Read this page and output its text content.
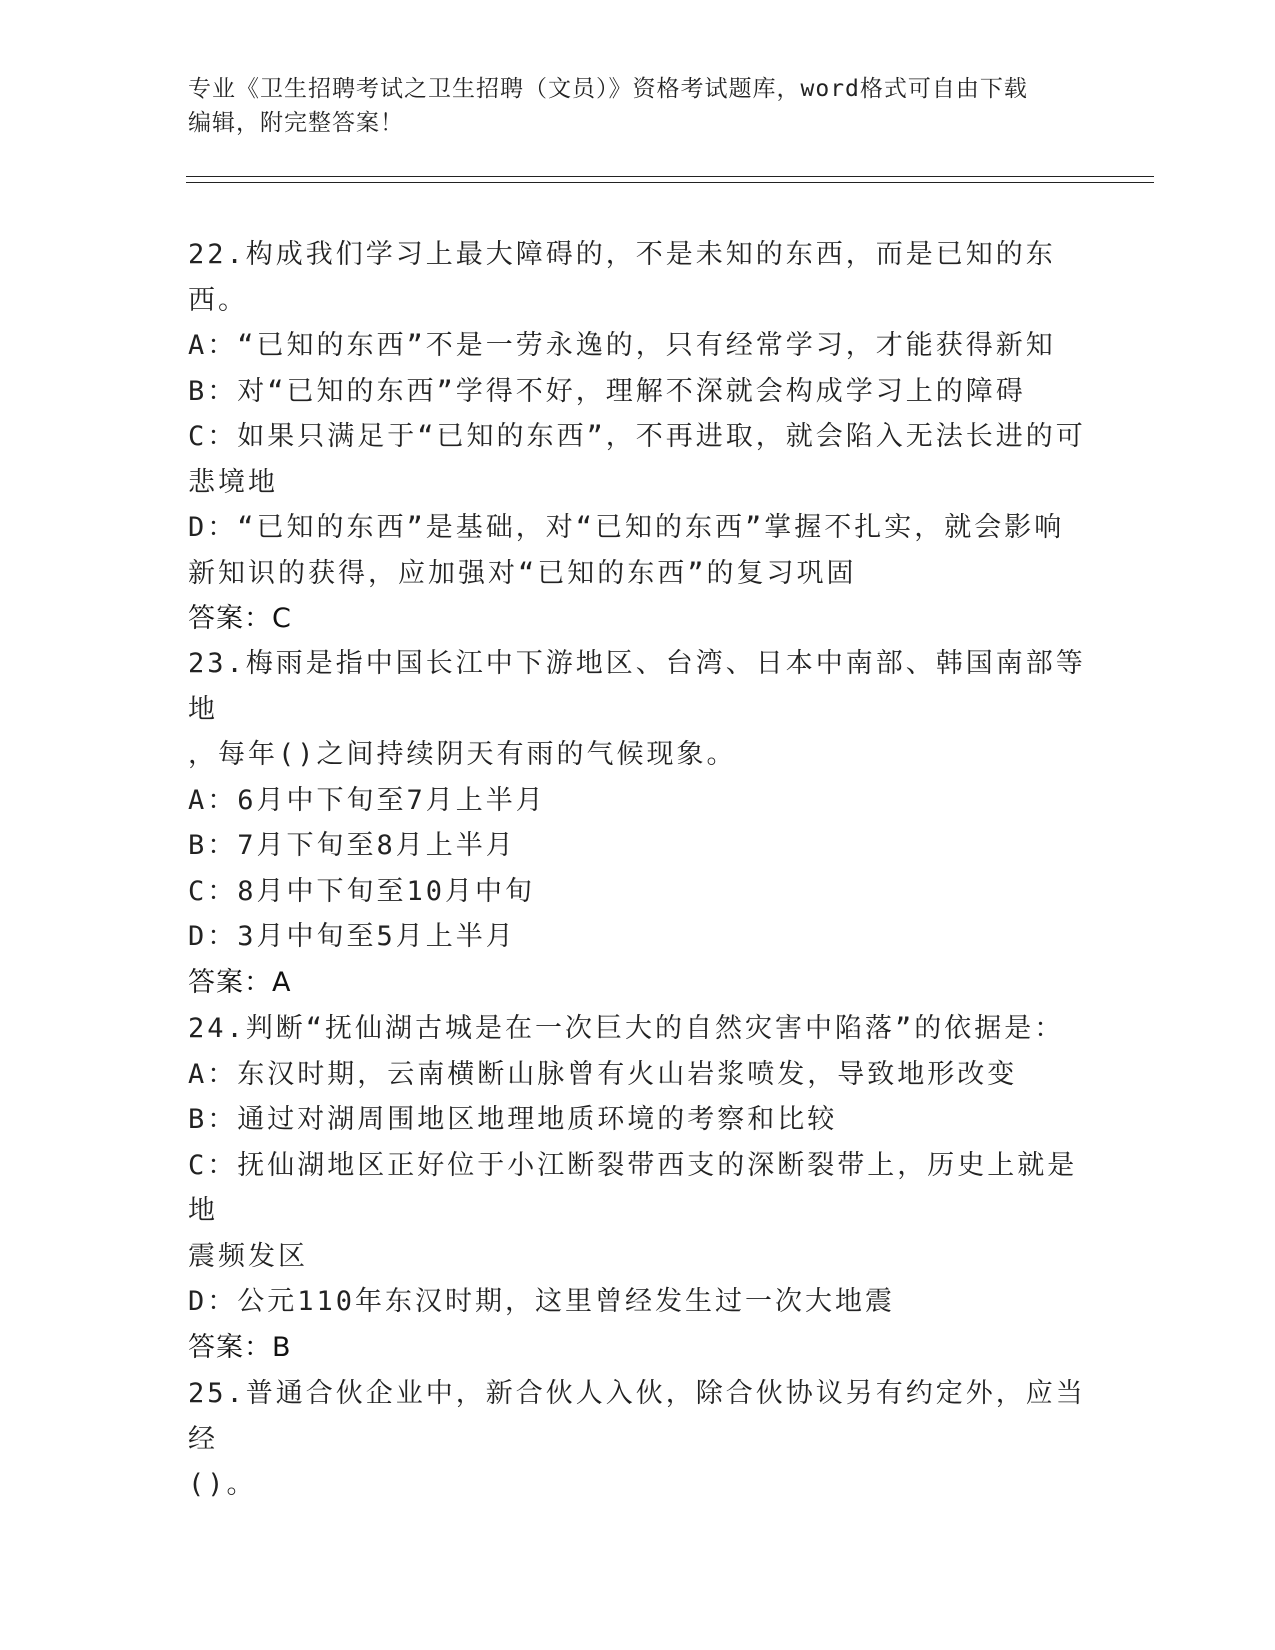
专业《卫生招聘考试之卫生招聘（文员）》资格考试题库，word格式可自由下载
编辑，附完整答案！
22.构成我们学习上最大障碍的，不是未知的东西，而是已知的东西。
A：“已知的东西”不是一劳永逸的，只有经常学习，才能获得新知
B：对“已知的东西”学得不好，理解不深就会构成学习上的障碍
C：如果只满足于“已知的东西”，不再进取，就会陷入无法长进的可
悲境地
D：“已知的东西”是基础，对“已知的东西”掌握不扎实，就会影响
新知识的获得，应加强对“已知的东西”的复习巩固
答案：C
23.梅雨是指中国长江中下游地区、台湾、日本中南部、韩国南部等地
，每年()之间持续阴天有雨的气候现象。
A：6月中下旬至7月上半月
B：7月下旬至8月上半月
C：8月中下旬至10月中旬
D：3月中旬至5月上半月
答案：A
24.判断“抚仙湖古城是在一次巨大的自然灾害中陷落”的依据是：
A：东汉时期，云南横断山脉曾有火山岩浆喷发，导致地形改变
B：通过对湖周围地区地理地质环境的考察和比较
C：抚仙湖地区正好位于小江断裂带西支的深断裂带上，历史上就是地
震频发区
D：公元110年东汉时期，这里曾经发生过一次大地震
答案：B
25.普通合伙企业中，新合伙人入伙，除合伙协议另有约定外，应当经
()。
